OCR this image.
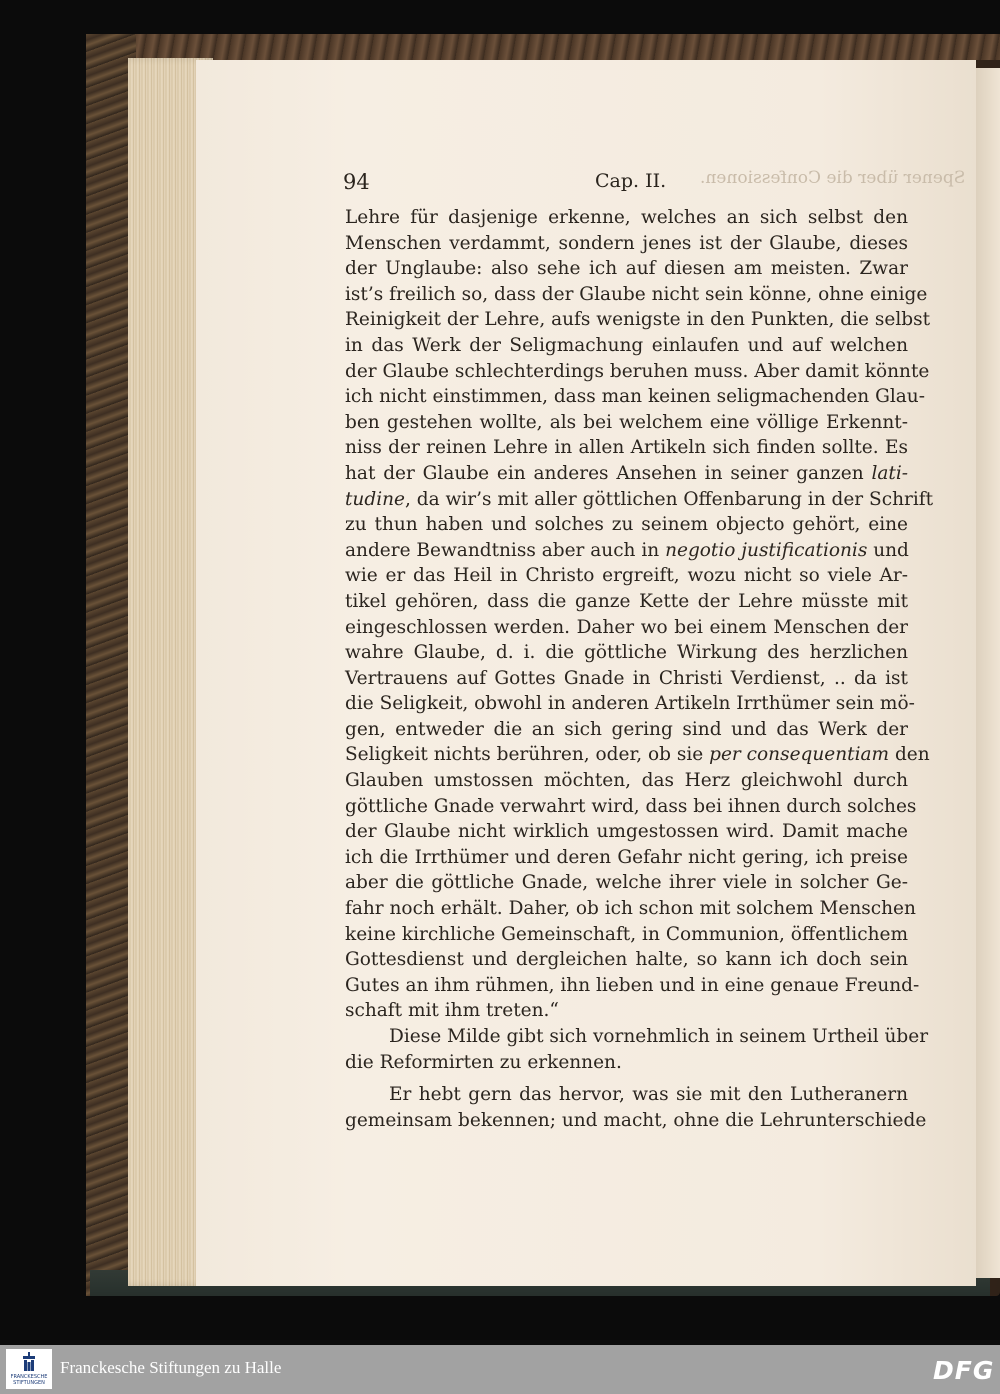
Spener über die Confessionen.
94	Cap. II.
Lehre für dasjenige erkenne, welches an sich selbst den
Menschen verdammt, sondern jenes ist der Glaube, dieses
der Unglaube: also sehe ich auf diesen am meisten. Zwar
ist’s freilich so, dass der Glaube nicht sein könne, ohne einige
Reinigkeit der Lehre, aufs wenigste in den Punkten, die selbst
in das Werk der Seligmachung einlaufen und auf welchen
der Glaube schlechterdings beruhen muss. Aber damit könnte
ich nicht einstimmen, dass man keinen seligmachenden Glau-
ben gestehen wollte, als bei welchem eine völlige Erkennt-
niss der reinen Lehre in allen Artikeln sich finden sollte. Es
hat der Glaube ein anderes Ansehen in seiner ganzen lati-
tudine, da wir’s mit aller göttlichen Offenbarung in der Schrift
zu thun haben und solches zu seinem objecto gehört, eine
andere Bewandtniss aber auch in negotio justificationis und
wie er das Heil in Christo ergreift, wozu nicht so viele Ar-
tikel gehören, dass die ganze Kette der Lehre müsste mit
eingeschlossen werden. Daher wo bei einem Menschen der
wahre Glaube, d. i. die göttliche Wirkung des herzlichen
Vertrauens auf Gottes Gnade in Christi Verdienst, .. da ist
die Seligkeit, obwohl in anderen Artikeln Irrthümer sein mö-
gen, entweder die an sich gering sind und das Werk der
Seligkeit nichts berühren, oder, ob sie per consequentiam den
Glauben umstossen möchten, das Herz gleichwohl durch
göttliche Gnade verwahrt wird, dass bei ihnen durch solches
der Glaube nicht wirklich umgestossen wird. Damit mache
ich die Irrthümer und deren Gefahr nicht gering, ich preise
aber die göttliche Gnade, welche ihrer viele in solcher Ge-
fahr noch erhält. Daher, ob ich schon mit solchem Menschen
keine kirchliche Gemeinschaft, in Communion, öffentlichem
Gottesdienst und dergleichen halte, so kann ich doch sein
Gutes an ihm rühmen, ihn lieben und in eine genaue Freund-
schaft mit ihm treten.“
Diese Milde gibt sich vornehmlich in seinem Urtheil über
die Reformirten zu erkennen.
Er hebt gern das hervor, was sie mit den Lutheranern
gemeinsam bekennen; und macht, ohne die Lehrunterschiede
FRANCKESCHE STIFTUNGEN
Franckesche Stiftungen zu Halle	DFG
